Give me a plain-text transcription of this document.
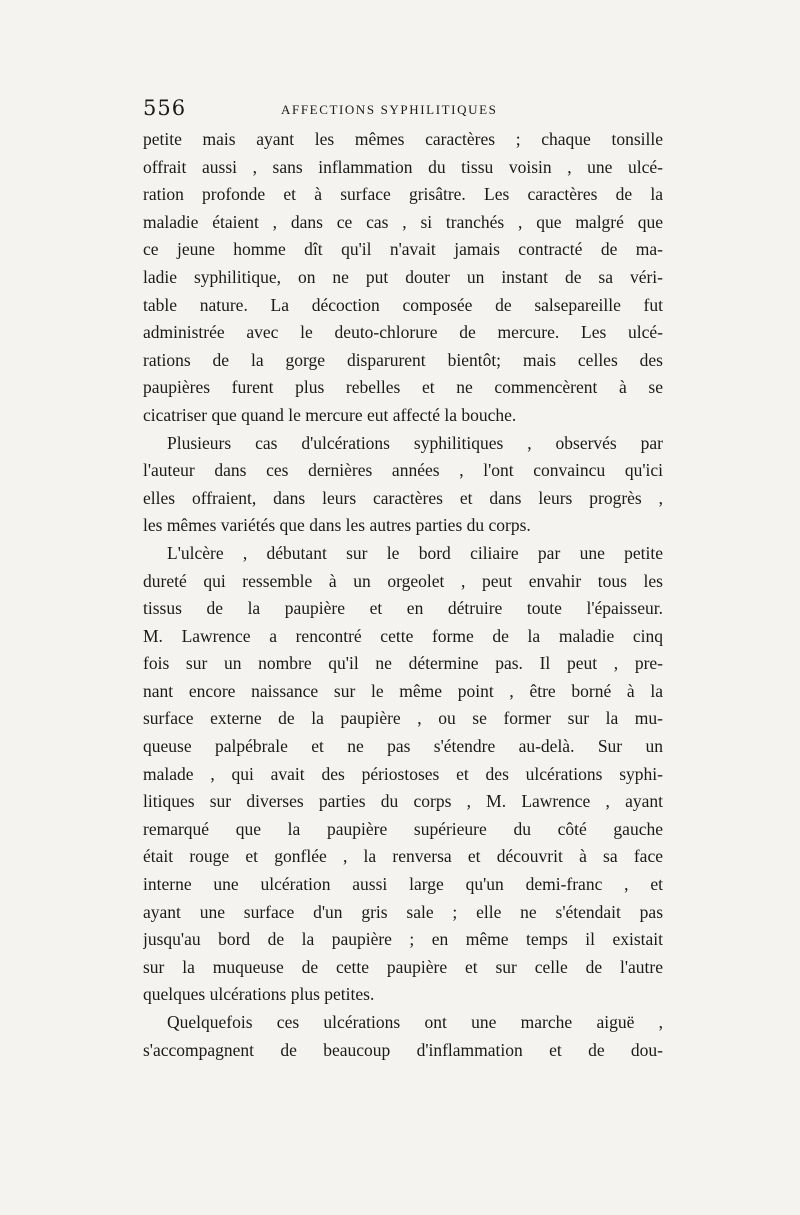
556	AFFECTIONS SYPHILITIQUES
petite mais ayant les mêmes caractères ; chaque tonsille
offrait aussi , sans inflammation du tissu voisin , une ulcé-
ration profonde et à surface grisâtre. Les caractères de la
maladie étaient , dans ce cas , si tranchés , que malgré que
ce jeune homme dît qu'il n'avait jamais contracté de ma-
ladie syphilitique, on ne put douter un instant de sa véri-
table nature. La décoction composée de salsepareille fut
administrée avec le deuto-chlorure de mercure. Les ulcé-
rations de la gorge disparurent bientôt; mais celles des
paupières furent plus rebelles et ne commencèrent à se
cicatriser que quand le mercure eut affecté la bouche.
Plusieurs cas d'ulcérations syphilitiques , observés par
l'auteur dans ces dernières années , l'ont convaincu qu'ici
elles offraient, dans leurs caractères et dans leurs progrès ,
les mêmes variétés que dans les autres parties du corps.
L'ulcère , débutant sur le bord ciliaire par une petite
dureté qui ressemble à un orgeolet , peut envahir tous les
tissus de la paupière et en détruire toute l'épaisseur.
M. Lawrence a rencontré cette forme de la maladie cinq
fois sur un nombre qu'il ne détermine pas. Il peut , pre-
nant encore naissance sur le même point , être borné à la
surface externe de la paupière , ou se former sur la mu-
queuse palpébrale et ne pas s'étendre au-delà. Sur un
malade , qui avait des périostoses et des ulcérations syphi-
litiques sur diverses parties du corps , M. Lawrence , ayant
remarqué que la paupière supérieure du côté gauche
était rouge et gonflée , la renversa et découvrit à sa face
interne une ulcération aussi large qu'un demi-franc , et
ayant une surface d'un gris sale ; elle ne s'étendait pas
jusqu'au bord de la paupière ; en même temps il existait
sur la muqueuse de cette paupière et sur celle de l'autre
quelques ulcérations plus petites.
Quelquefois ces ulcérations ont une marche aiguë ,
s'accompagnent de beaucoup d'inflammation et de dou-
